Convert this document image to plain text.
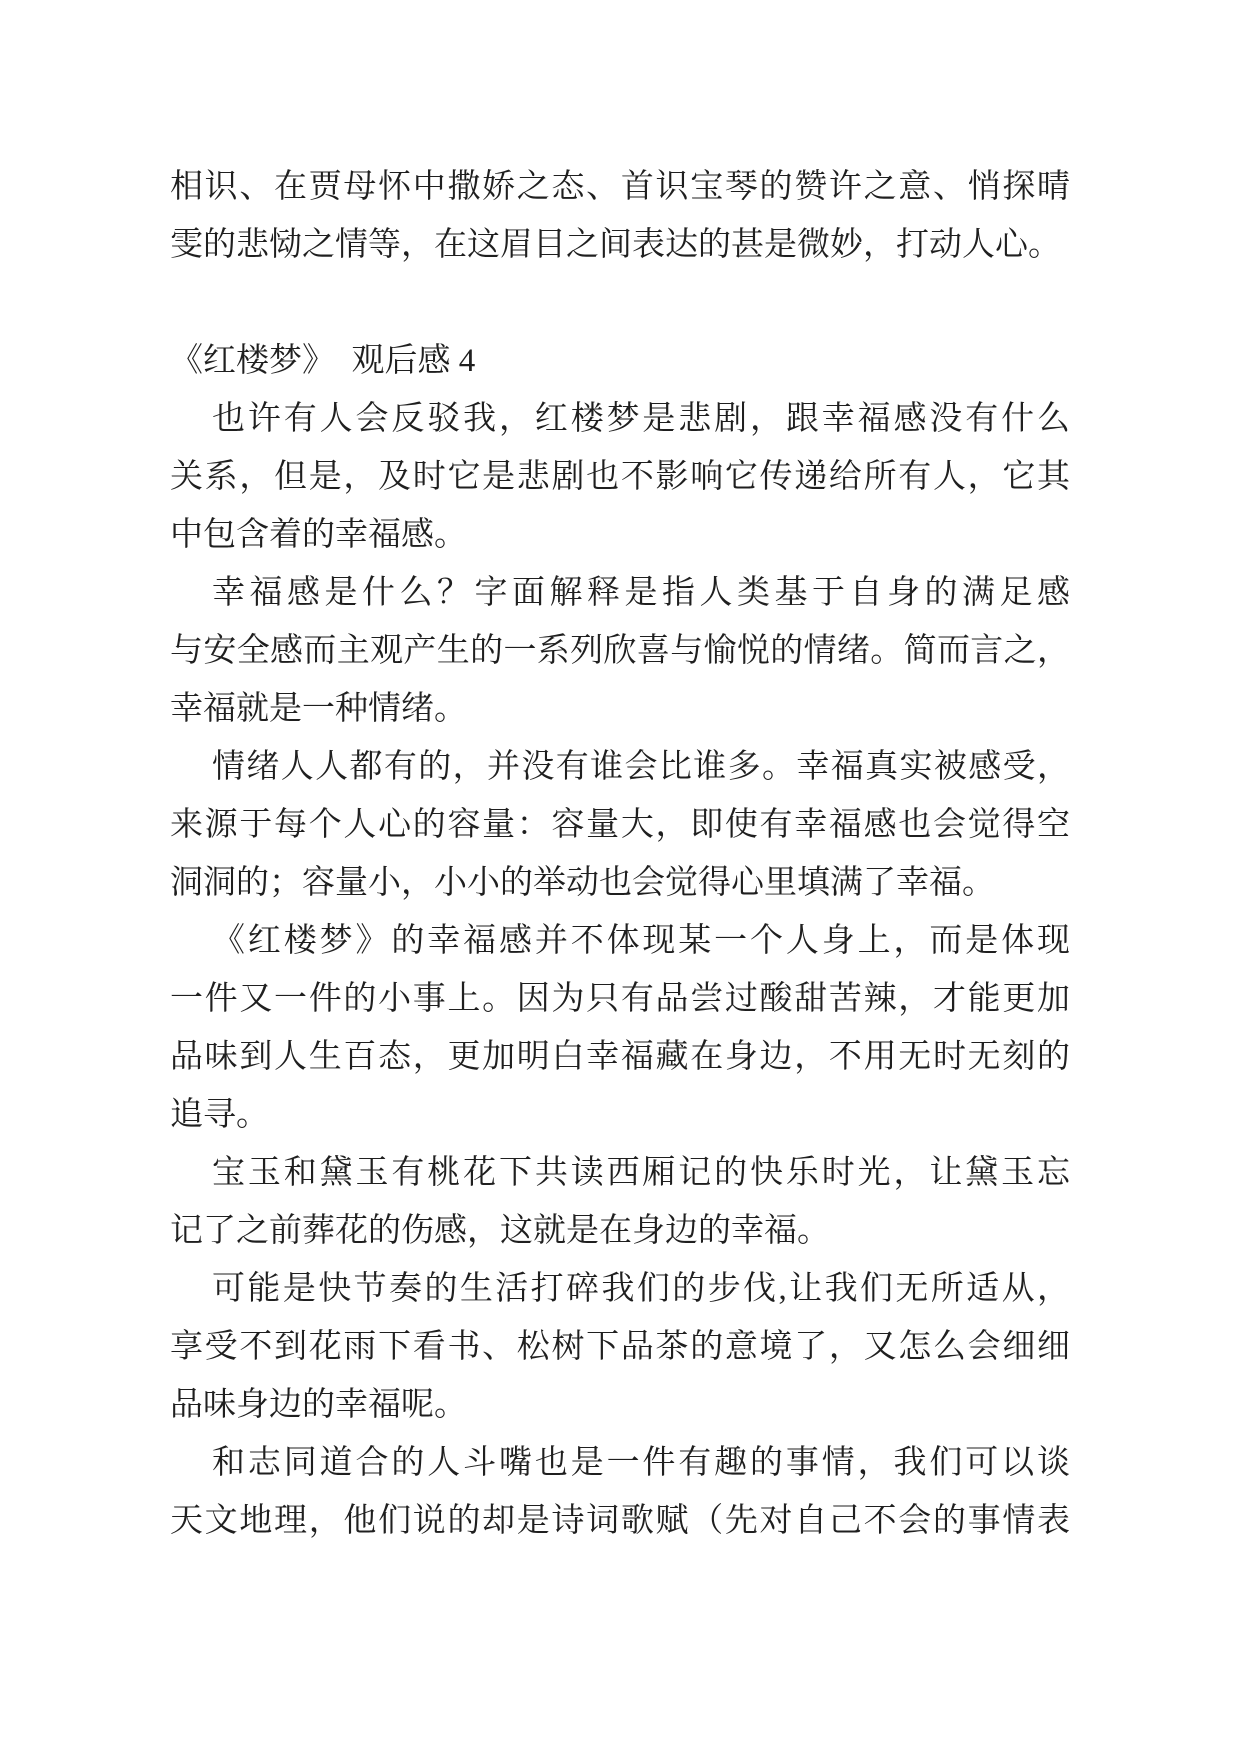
相识、在贾母怀中撒娇之态、首识宝琴的赞许之意、悄探晴
雯的悲恸之情等，在这眉目之间表达的甚是微妙，打动人心。
《红楼梦》　观后感 4
也许有人会反驳我，红楼梦是悲剧，跟幸福感没有什么
关系，但是，及时它是悲剧也不影响它传递给所有人，它其
中包含着的幸福感。
幸福感是什么？字面解释是指人类基于自身的满足感
与安全感而主观产生的一系列欣喜与愉悦的情绪。简而言之，
幸福就是一种情绪。
情绪人人都有的，并没有谁会比谁多。幸福真实被感受，
来源于每个人心的容量：容量大，即使有幸福感也会觉得空
洞洞的；容量小，小小的举动也会觉得心里填满了幸福。
《红楼梦》的幸福感并不体现某一个人身上，而是体现
一件又一件的小事上。因为只有品尝过酸甜苦辣，才能更加
品味到人生百态，更加明白幸福藏在身边，不用无时无刻的
追寻。
宝玉和黛玉有桃花下共读西厢记的快乐时光，让黛玉忘
记了之前葬花的伤感，这就是在身边的幸福。
可能是快节奏的生活打碎我们的步伐,让我们无所适从，
享受不到花雨下看书、松树下品茶的意境了，又怎么会细细
品味身边的幸福呢。
和志同道合的人斗嘴也是一件有趣的事情，我们可以谈
天文地理，他们说的却是诗词歌赋（先对自己不会的事情表
